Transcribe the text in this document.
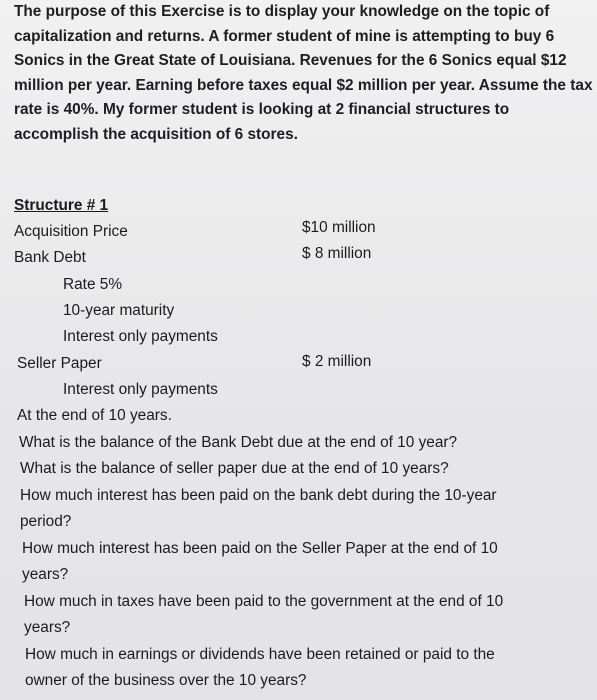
The purpose of this Exercise is to display your knowledge on the topic of capitalization and returns. A former student of mine is attempting to buy 6 Sonics in the Great State of Louisiana. Revenues for the 6 Sonics equal $12 million per year. Earning before taxes equal $2 million per year. Assume the tax rate is 40%. My former student is looking at 2 financial structures to accomplish the acquisition of 6 stores.
Structure # 1
Acquisition Price	$10 million
Bank Debt	$ 8 million
Rate 5%
10-year maturity
Interest only payments
Seller Paper	$ 2 million
Interest only payments
At the end of 10 years.
What is the balance of the Bank Debt due at the end of 10 year?
What is the balance of seller paper due at the end of 10 years?
How much interest has been paid on the bank debt during the 10-year
period?
How much interest has been paid on the Seller Paper at the end of 10
years?
How much in taxes have been paid to the government at the end of 10
years?
How much in earnings or dividends have been retained or paid to the
owner of the business over the 10 years?
